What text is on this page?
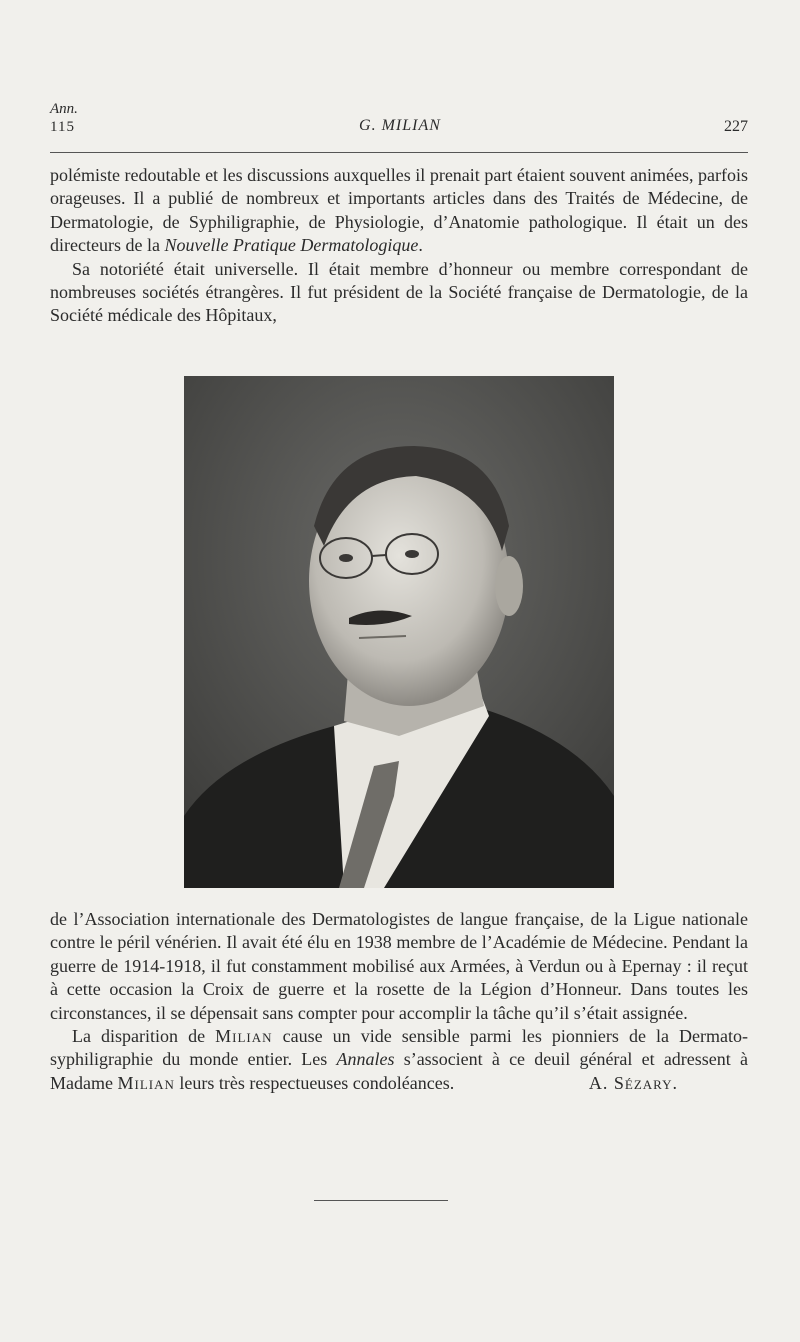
Ann.
115	G. MILIAN	227

polémiste redoutable et les discussions auxquelles il prenait part étaient souvent animées, parfois orageuses. Il a publié de nombreux et importants articles dans des Traités de Médecine, de Dermatologie, de Syphiligraphie, de Physiologie, d’Anatomie pathologique. Il était un des directeurs de la Nouvelle Pratique Dermatologique.

Sa notoriété était universelle. Il était membre d’honneur ou membre correspondant de nombreuses sociétés étrangères. Il fut président de la Société française de Dermatologie, de la Société médicale des Hôpitaux,

de l’Association internationale des Dermatologistes de langue française, de la Ligue nationale contre le péril vénérien. Il avait été élu en 1938 membre de l’Académie de Médecine. Pendant la guerre de 1914-1918, il fut constamment mobilisé aux Armées, à Verdun ou à Epernay : il reçut à cette occasion la Croix de guerre et la rosette de la Légion d’Honneur. Dans toutes les circonstances, il se dépensait sans compter pour accomplir la tâche qu’il s’était assignée.

La disparition de Milian cause un vide sensible parmi les pionniers de la Dermato-syphiligraphie du monde entier. Les Annales s’associent à ce deuil général et adressent à Madame Milian leurs très respectueuses condoléances.	A. Sézary.
